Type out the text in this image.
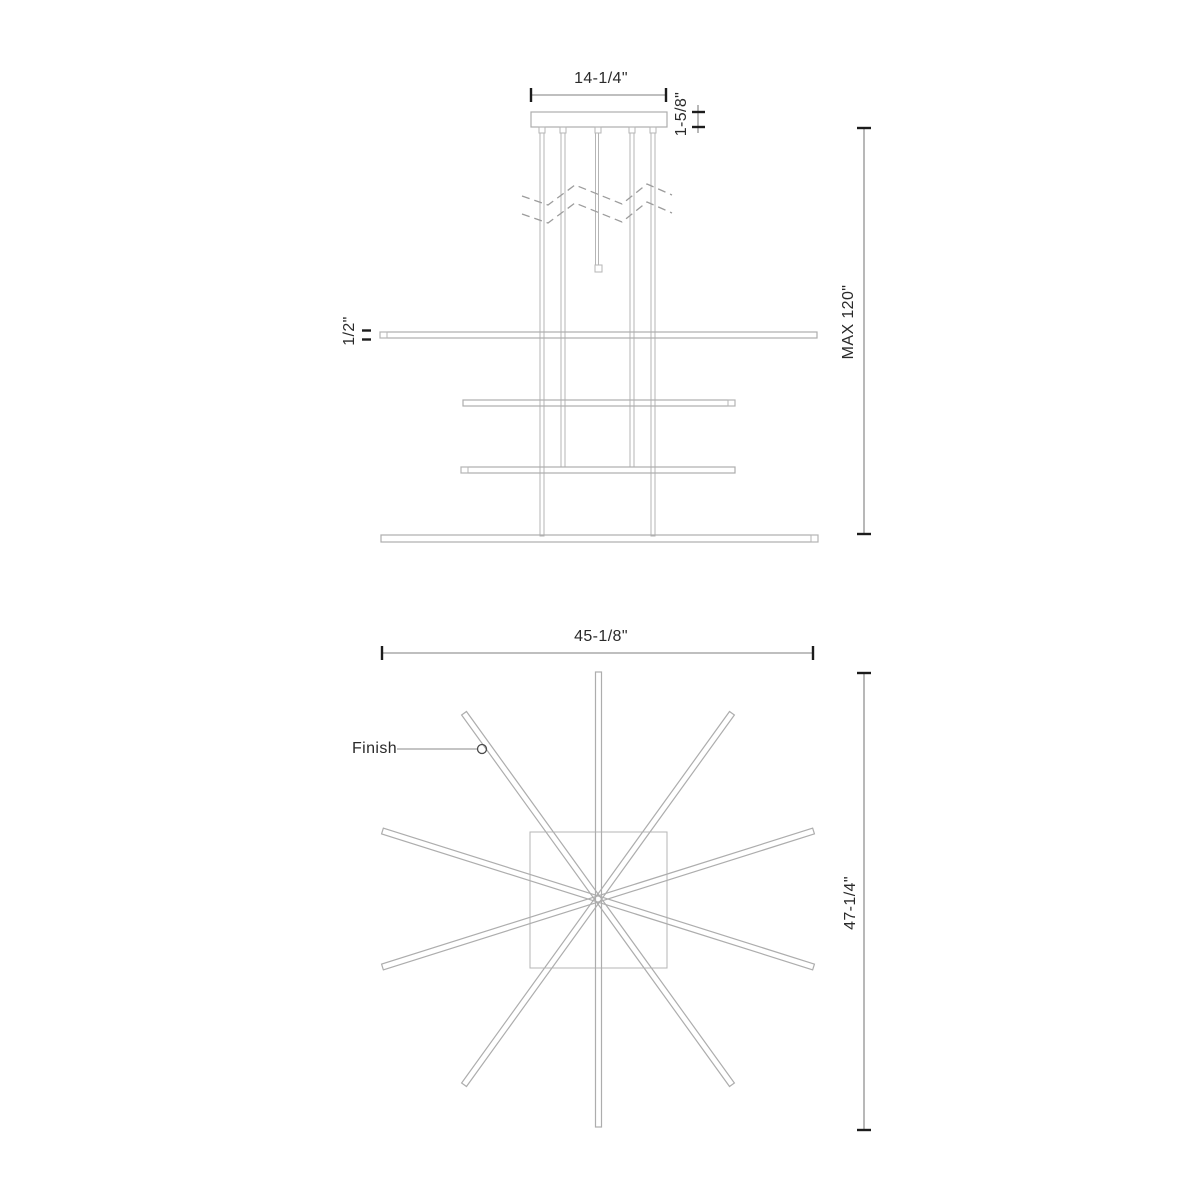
14-1/4"
1-5/8"
MAX 120"
1/2"
45-1/8"
47-1/4"
Finish
